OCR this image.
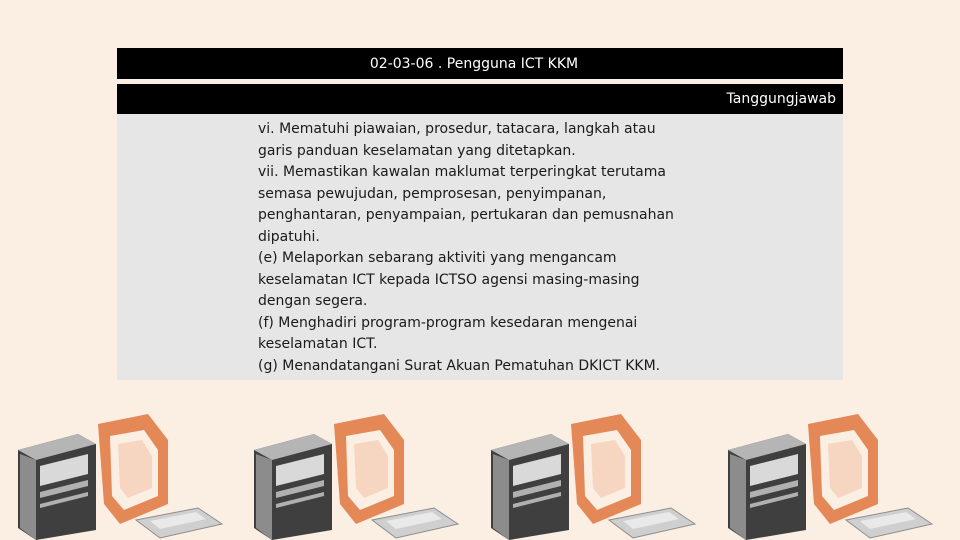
02-03-06 . Pengguna ICT KKM
Tanggungjawab
vi. Mematuhi piawaian, prosedur, tatacara, langkah atau
garis panduan keselamatan yang ditetapkan.
vii. Memastikan kawalan maklumat terperingkat terutama
semasa pewujudan, pemprosesan, penyimpanan,
penghantaran, penyampaian, pertukaran dan pemusnahan
dipatuhi.
(e) Melaporkan sebarang aktiviti yang mengancam
keselamatan ICT kepada ICTSO agensi masing-masing
dengan segera.
(f) Menghadiri program-program kesedaran mengenai
keselamatan ICT.
(g) Menandatangani Surat Akuan Pematuhan DKICT KKM.
